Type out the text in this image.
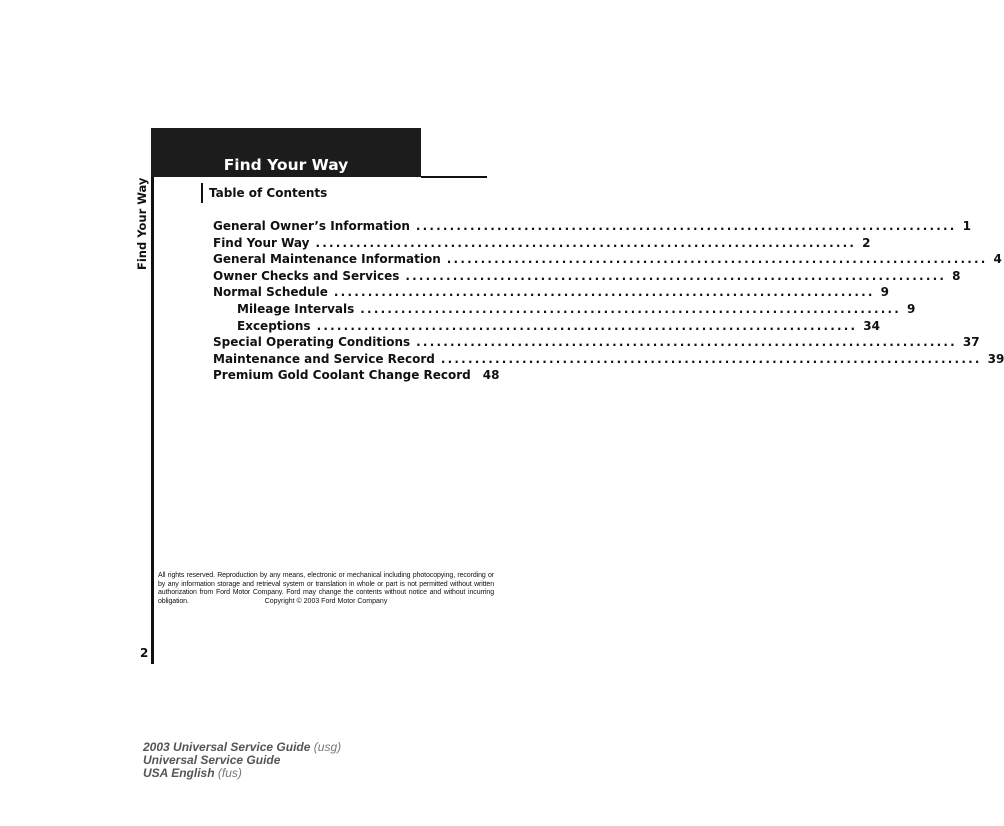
Find Your Way
2
Find Your Way
Table of Contents
General Owner’s Information ................................................................................ 1
Find Your Way ................................................................................ 2
General Maintenance Information ................................................................................ 4
Owner Checks and Services ................................................................................ 8
Normal Schedule ................................................................................ 9
Mileage Intervals ................................................................................ 9
Exceptions ................................................................................ 34
Special Operating Conditions ................................................................................ 37
Maintenance and Service Record ................................................................................ 39
Premium Gold Coolant Change Record 48
All rights reserved. Reproduction by any means, electronic or mechanical including photocopying, recording or by any information storage and retrieval system or translation in whole or part is not permitted without written authorization from Ford Motor Company. Ford may change the contents without notice and without incurring obligation.	Copyright © 2003 Ford Motor Company
2003 Universal Service Guide (usg)
Universal Service Guide
USA English (fus)
